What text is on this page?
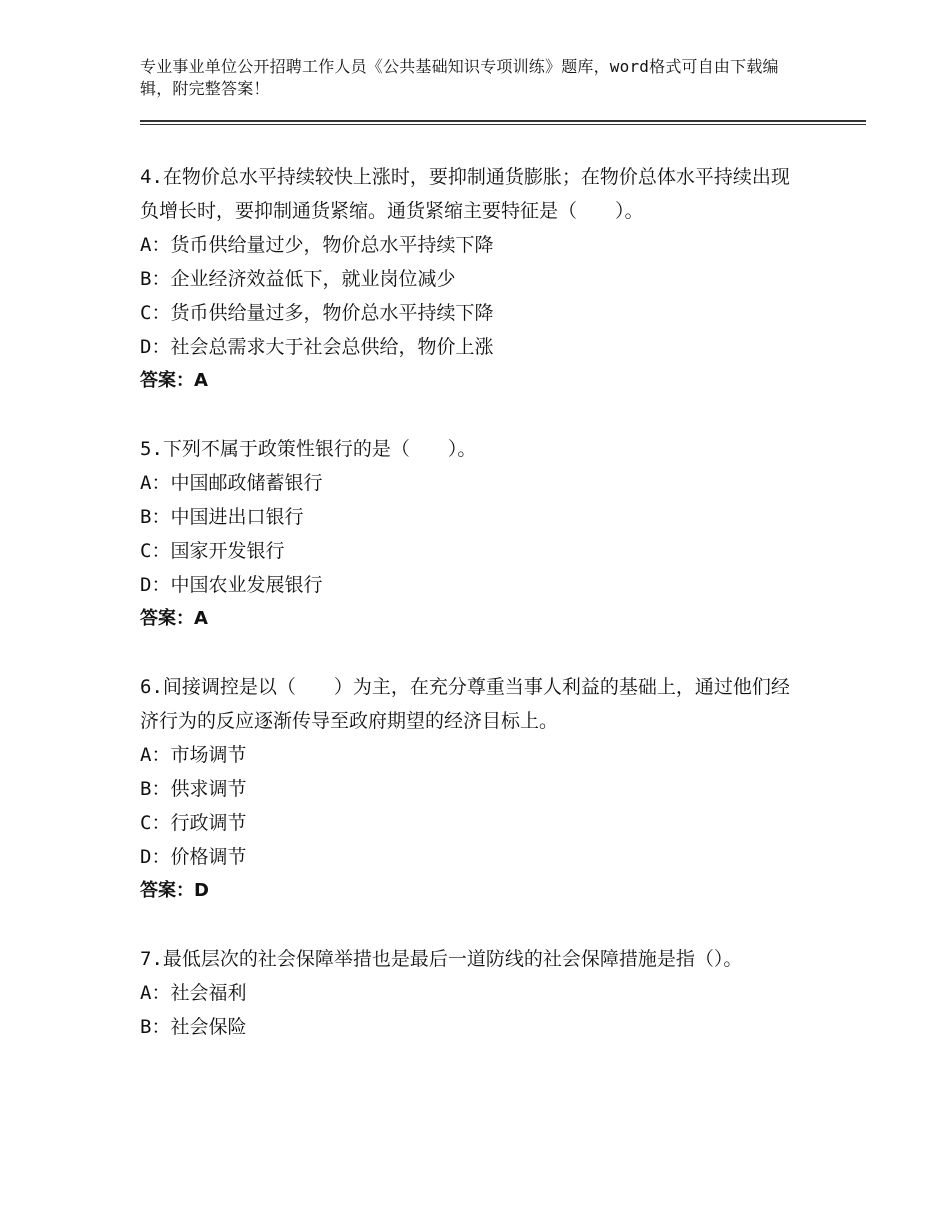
专业事业单位公开招聘工作人员《公共基础知识专项训练》题库，word格式可自由下载编辑，附完整答案！

4.在物价总水平持续较快上涨时，要抑制通货膨胀；在物价总体水平持续出现负增长时，要抑制通货紧缩。通货紧缩主要特征是（　　）。

A：货币供给量过少，物价总水平持续下降

B：企业经济效益低下，就业岗位减少

C：货币供给量过多，物价总水平持续下降

D：社会总需求大于社会总供给，物价上涨

答案：A

5.下列不属于政策性银行的是（　　）。

A：中国邮政储蓄银行

B：中国进出口银行

C：国家开发银行

D：中国农业发展银行

答案：A

6.间接调控是以（　　）为主，在充分尊重当事人利益的基础上，通过他们经济行为的反应逐渐传导至政府期望的经济目标上。

A：市场调节

B：供求调节

C：行政调节

D：价格调节

答案：D

7.最低层次的社会保障举措也是最后一道防线的社会保障措施是指（）。

A：社会福利

B：社会保险
